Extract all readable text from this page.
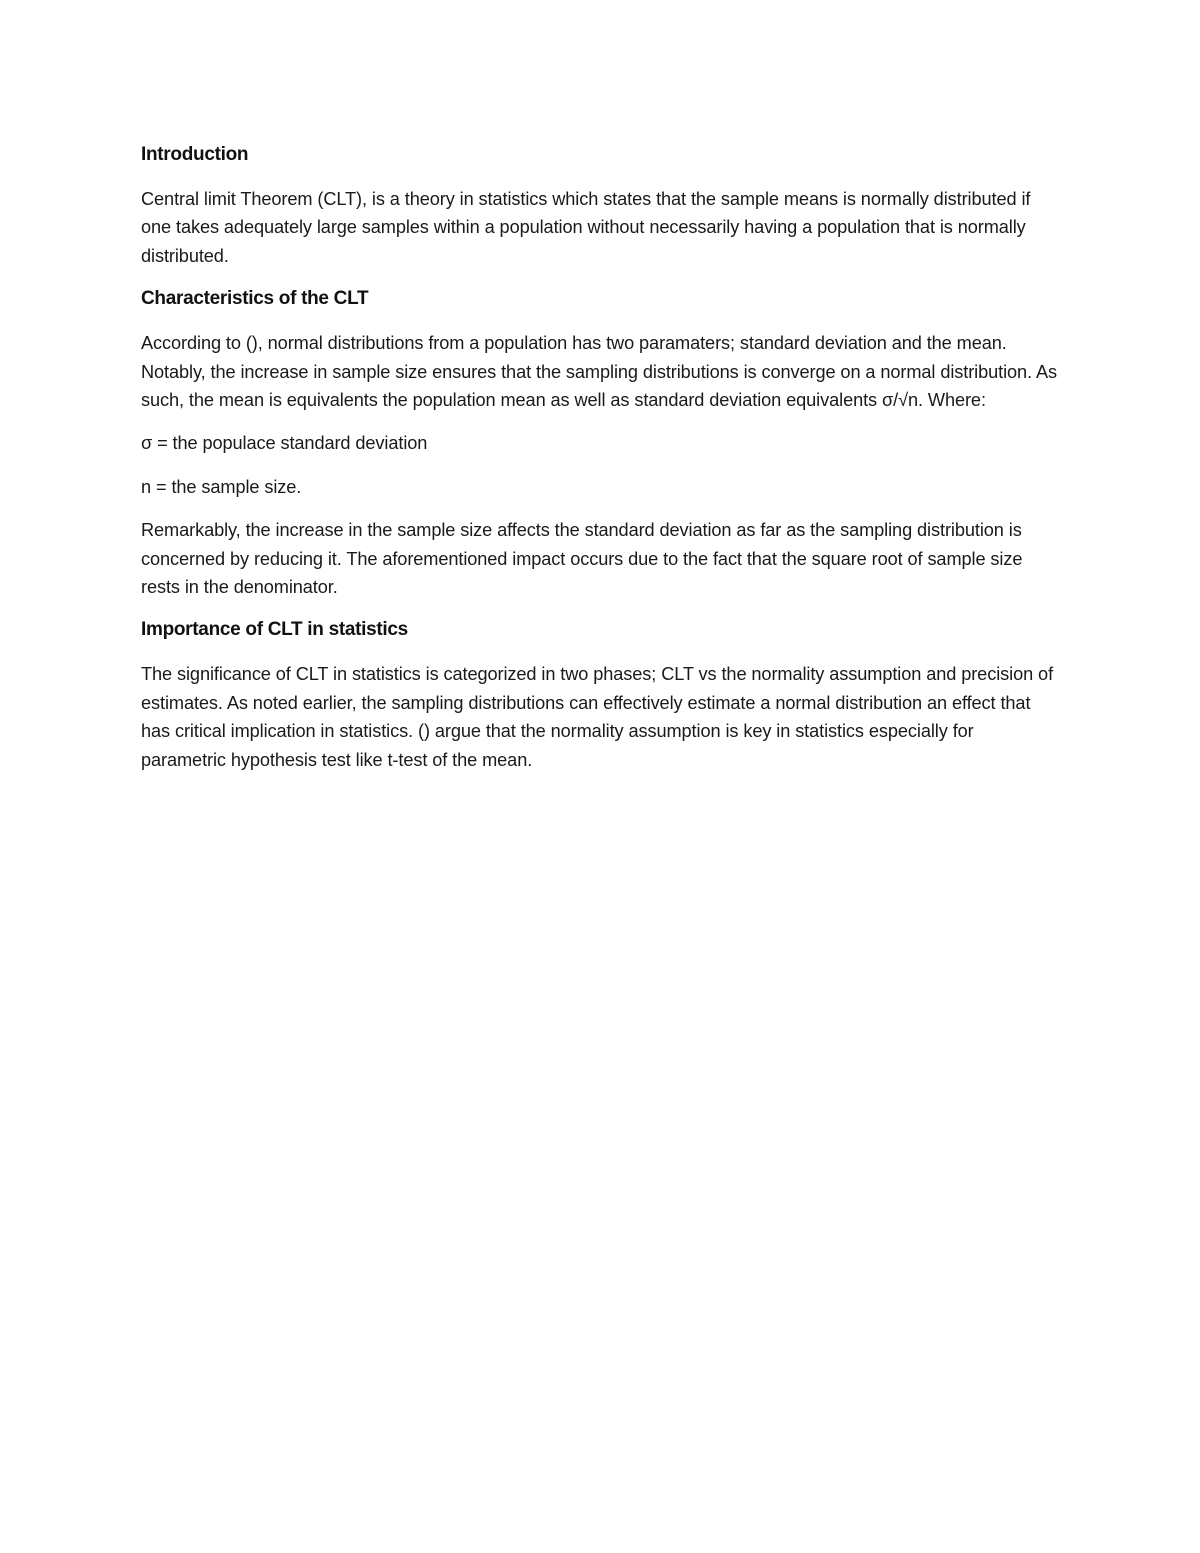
Introduction

Central limit Theorem (CLT), is a theory in statistics which states that the sample means is normally distributed if one takes adequately large samples within a population without necessarily having a population that is normally distributed.

Characteristics of the CLT

According to (), normal distributions from a population has two paramaters; standard deviation and the mean. Notably, the increase in sample size ensures that the sampling distributions is converge on a normal distribution. As such, the mean is equivalents the population mean as well as standard deviation equivalents σ/√n. Where:

σ = the populace standard deviation

n = the sample size.

Remarkably, the increase in the sample size affects the standard deviation as far as the sampling distribution is concerned by reducing it. The aforementioned impact occurs due to the fact that the square root of sample size rests in the denominator.

Importance of CLT in statistics

The significance of CLT in statistics is categorized in two phases; CLT vs the normality assumption and precision of estimates. As noted earlier, the sampling distributions can effectively estimate a normal distribution an effect that has critical implication in statistics. () argue that the normality assumption is key in statistics especially for parametric hypothesis test like t-test of the mean.
